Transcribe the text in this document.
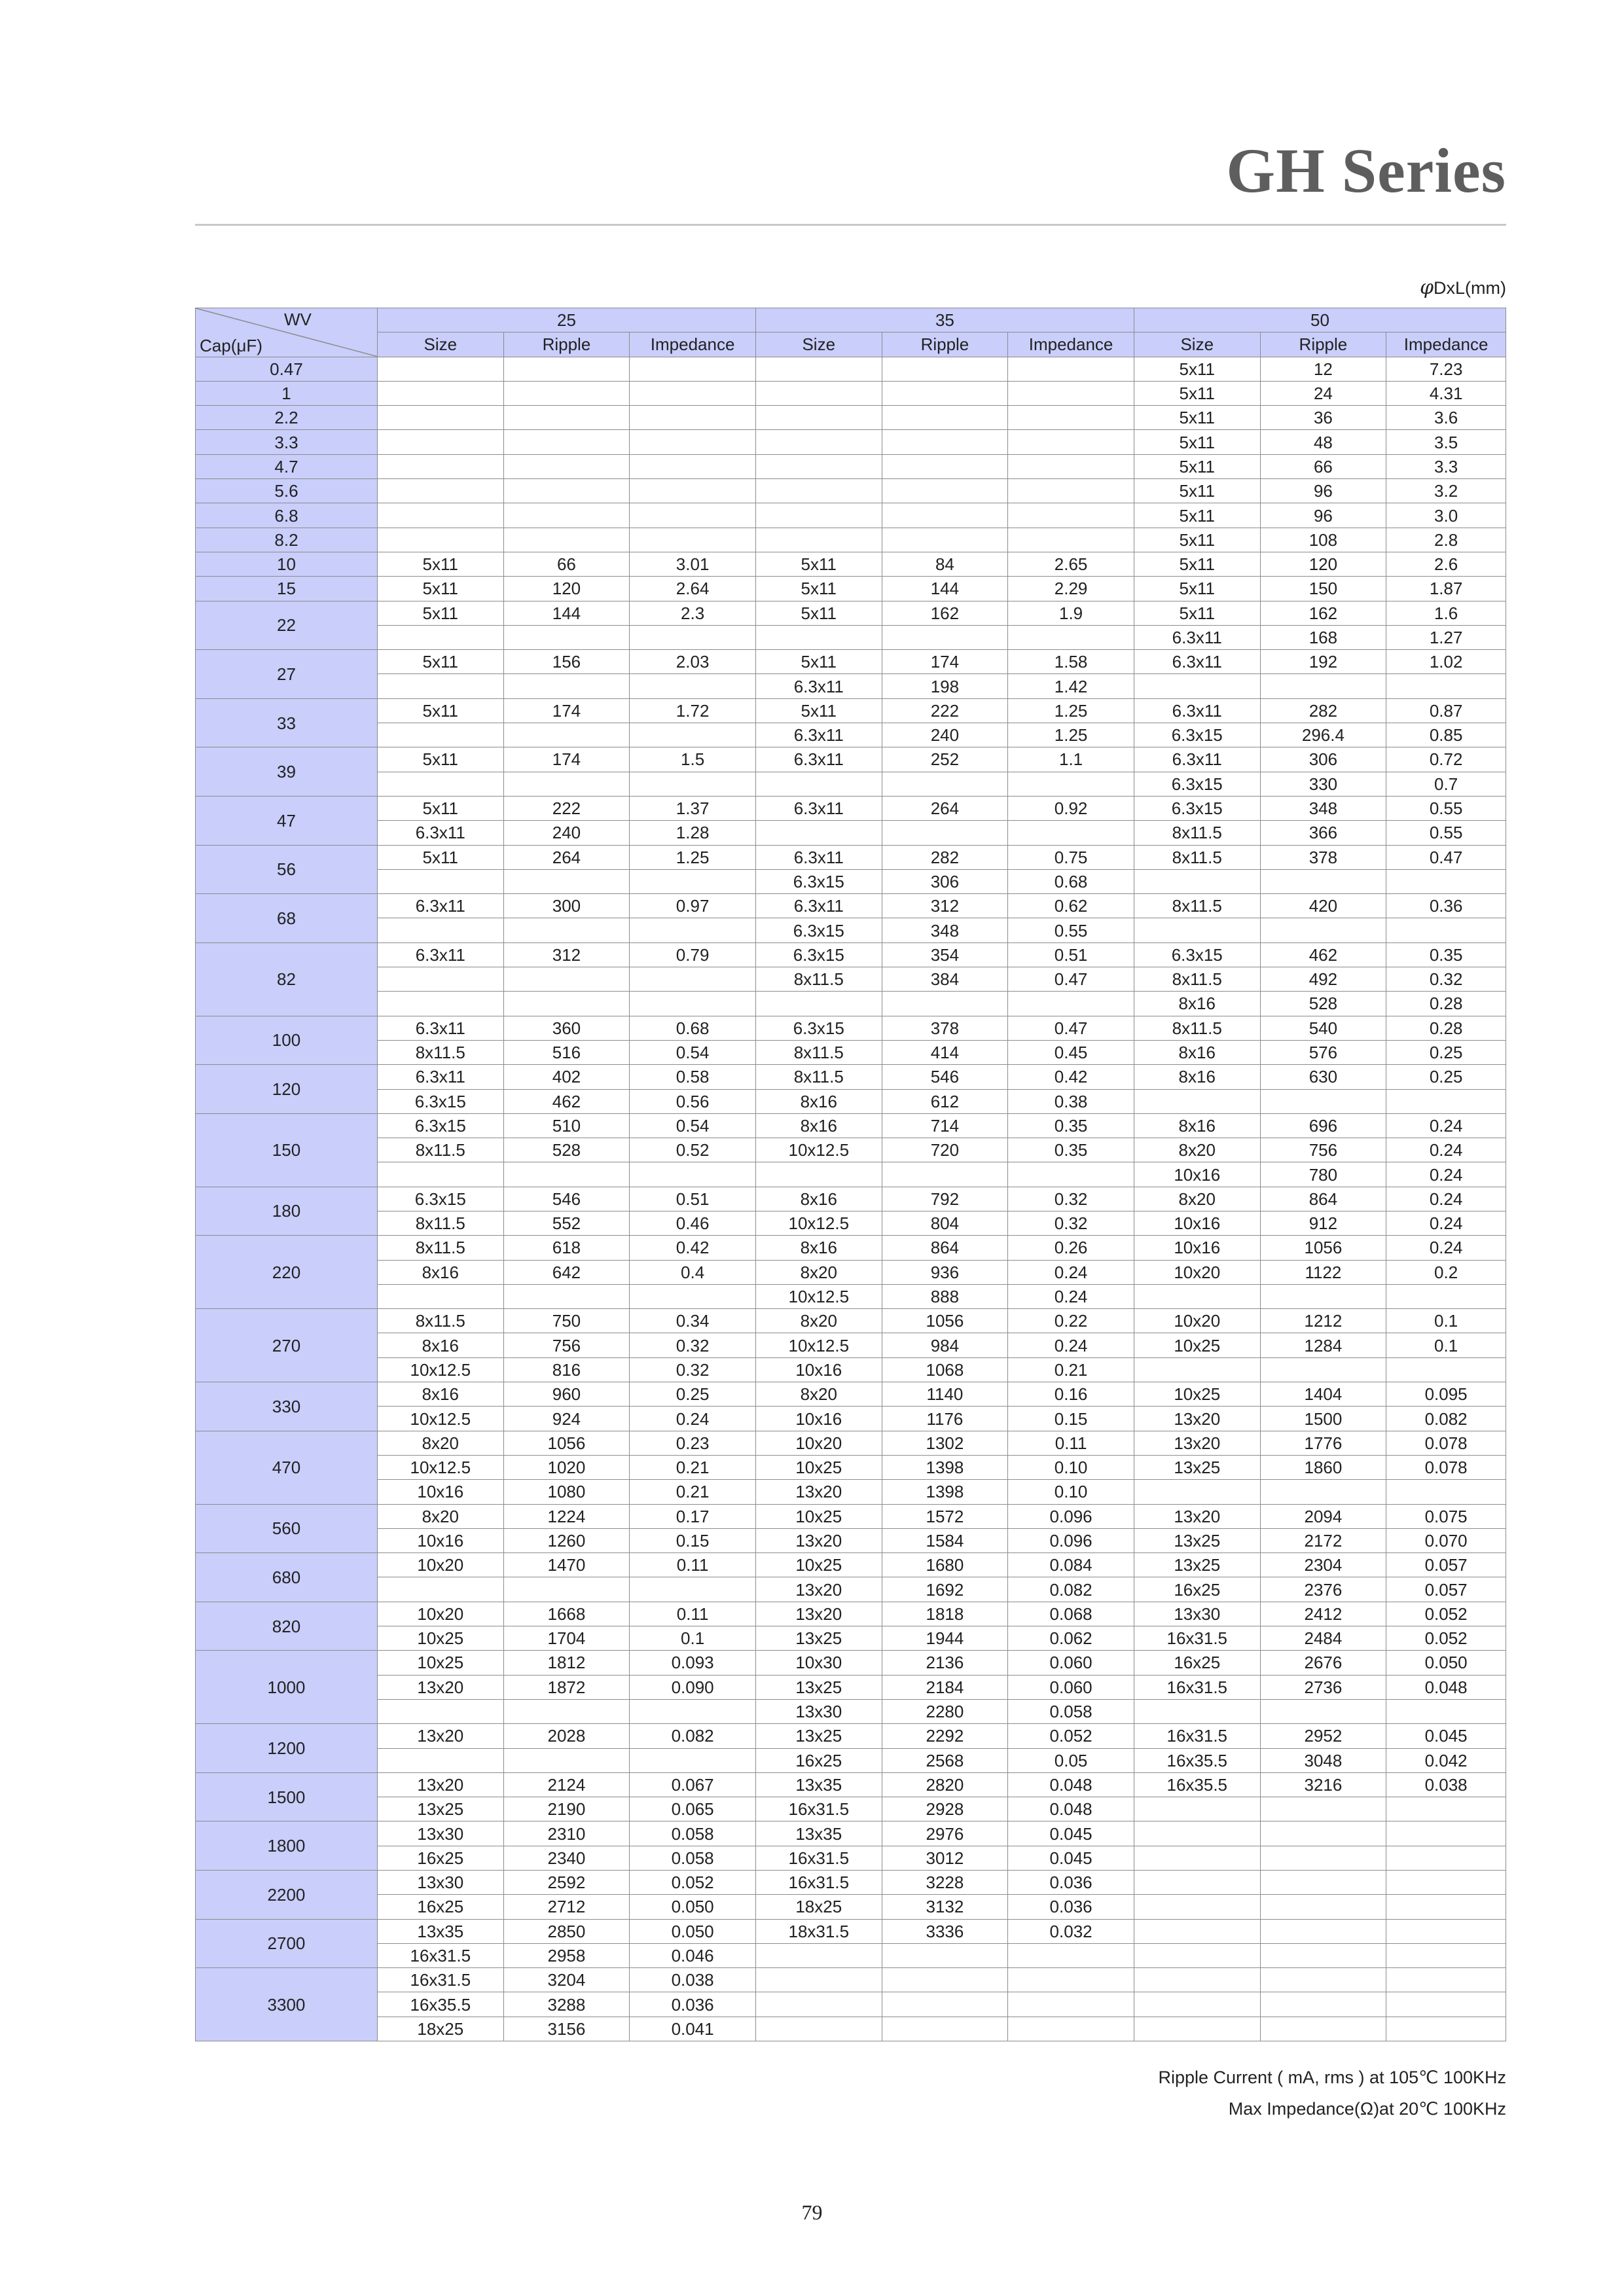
GH Series
φDxL(mm)
WV
Cap(μF)	25			35			50		
	Size	Ripple	Impedance	Size	Ripple	Impedance	Size	Ripple	Impedance
0.47							5x11	12	7.23
1							5x11	24	4.31
2.2							5x11	36	3.6
3.3							5x11	48	3.5
4.7							5x11	66	3.3
5.6							5x11	96	3.2
6.8							5x11	96	3.0
8.2							5x11	108	2.8
10	5x11	66	3.01	5x11	84	2.65	5x11	120	2.6
15	5x11	120	2.64	5x11	144	2.29	5x11	150	1.87
22	5x11	144	2.3	5x11	162	1.9	5x11	162	1.6
							6.3x11	168	1.27
27	5x11	156	2.03	5x11	174	1.58	6.3x11	192	1.02
				6.3x11	198	1.42			
33	5x11	174	1.72	5x11	222	1.25	6.3x11	282	0.87
				6.3x11	240	1.25	6.3x15	296.4	0.85
39	5x11	174	1.5	6.3x11	252	1.1	6.3x11	306	0.72
							6.3x15	330	0.7
47	5x11	222	1.37	6.3x11	264	0.92	6.3x15	348	0.55
	6.3x11	240	1.28				8x11.5	366	0.55
56	5x11	264	1.25	6.3x11	282	0.75	8x11.5	378	0.47
				6.3x15	306	0.68			
68	6.3x11	300	0.97	6.3x11	312	0.62	8x11.5	420	0.36
				6.3x15	348	0.55			
82	6.3x11	312	0.79	6.3x15	354	0.51	6.3x15	462	0.35
				8x11.5	384	0.47	8x11.5	492	0.32
							8x16	528	0.28
100	6.3x11	360	0.68	6.3x15	378	0.47	8x11.5	540	0.28
	8x11.5	516	0.54	8x11.5	414	0.45	8x16	576	0.25
120	6.3x11	402	0.58	8x11.5	546	0.42	8x16	630	0.25
	6.3x15	462	0.56	8x16	612	0.38			
150	6.3x15	510	0.54	8x16	714	0.35	8x16	696	0.24
	8x11.5	528	0.52	10x12.5	720	0.35	8x20	756	0.24
							10x16	780	0.24
180	6.3x15	546	0.51	8x16	792	0.32	8x20	864	0.24
	8x11.5	552	0.46	10x12.5	804	0.32	10x16	912	0.24
220	8x11.5	618	0.42	8x16	864	0.26	10x16	1056	0.24
	8x16	642	0.4	8x20	936	0.24	10x20	1122	0.2
				10x12.5	888	0.24			
270	8x11.5	750	0.34	8x20	1056	0.22	10x20	1212	0.1
	8x16	756	0.32	10x12.5	984	0.24	10x25	1284	0.1
	10x12.5	816	0.32	10x16	1068	0.21			
330	8x16	960	0.25	8x20	1140	0.16	10x25	1404	0.095
	10x12.5	924	0.24	10x16	1176	0.15	13x20	1500	0.082
470	8x20	1056	0.23	10x20	1302	0.11	13x20	1776	0.078
	10x12.5	1020	0.21	10x25	1398	0.10	13x25	1860	0.078
	10x16	1080	0.21	13x20	1398	0.10			
560	8x20	1224	0.17	10x25	1572	0.096	13x20	2094	0.075
	10x16	1260	0.15	13x20	1584	0.096	13x25	2172	0.070
680	10x20	1470	0.11	10x25	1680	0.084	13x25	2304	0.057
				13x20	1692	0.082	16x25	2376	0.057
820	10x20	1668	0.11	13x20	1818	0.068	13x30	2412	0.052
	10x25	1704	0.1	13x25	1944	0.062	16x31.5	2484	0.052
1000	10x25	1812	0.093	10x30	2136	0.060	16x25	2676	0.050
	13x20	1872	0.090	13x25	2184	0.060	16x31.5	2736	0.048
				13x30	2280	0.058			
1200	13x20	2028	0.082	13x25	2292	0.052	16x31.5	2952	0.045
				16x25	2568	0.05	16x35.5	3048	0.042
1500	13x20	2124	0.067	13x35	2820	0.048	16x35.5	3216	0.038
	13x25	2190	0.065	16x31.5	2928	0.048			
1800	13x30	2310	0.058	13x35	2976	0.045			
	16x25	2340	0.058	16x31.5	3012	0.045			
2200	13x30	2592	0.052	16x31.5	3228	0.036			
	16x25	2712	0.050	18x25	3132	0.036			
2700	13x35	2850	0.050	18x31.5	3336	0.032			
	16x31.5	2958	0.046						
3300	16x31.5	3204	0.038						
	16x35.5	3288	0.036						
	18x25	3156	0.041						
Ripple Current ( mA, rms ) at 105℃ 100KHz
Max Impedance(Ω)at 20℃ 100KHz
79
